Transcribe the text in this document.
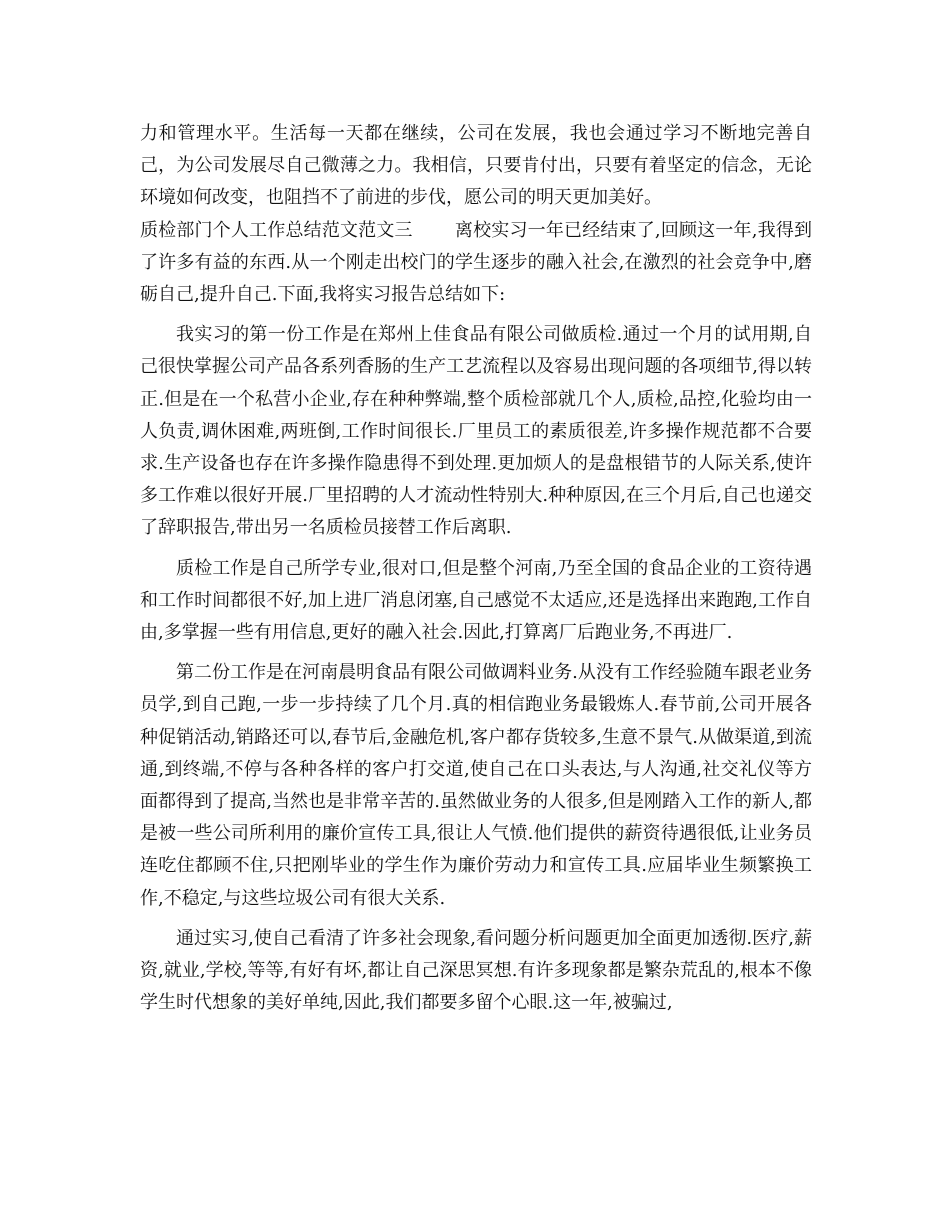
力和管理水平。生活每一天都在继续，公司在发展，我也会通过学习不断地完善自己，为公司发展尽自己微薄之力。我相信，只要肯付出，只要有着坚定的信念，无论环境如何改变，也阻挡不了前进的步伐，愿公司的明天更加美好。

质检部门个人工作总结范文范文三 离校实习一年已经结束了,回顾这一年,我得到了许多有益的东西.从一个刚走出校门的学生逐步的融入社会,在激烈的社会竞争中,磨砺自己,提升自己.下面,我将实习报告总结如下:

我实习的第一份工作是在郑州上佳食品有限公司做质检.通过一个月的试用期,自己很快掌握公司产品各系列香肠的生产工艺流程以及容易出现问题的各项细节,得以转正.但是在一个私营小企业,存在种种弊端,整个质检部就几个人,质检,品控,化验均由一人负责,调休困难,两班倒,工作时间很长.厂里员工的素质很差,许多操作规范都不合要求.生产设备也存在许多操作隐患得不到处理.更加烦人的是盘根错节的人际关系,使许多工作难以很好开展.厂里招聘的人才流动性特别大.种种原因,在三个月后,自己也递交了辞职报告,带出另一名质检员接替工作后离职.

质检工作是自己所学专业,很对口,但是整个河南,乃至全国的食品企业的工资待遇和工作时间都很不好,加上进厂消息闭塞,自己感觉不太适应,还是选择出来跑跑,工作自由,多掌握一些有用信息,更好的融入社会.因此,打算离厂后跑业务,不再进厂.

第二份工作是在河南晨明食品有限公司做调料业务.从没有工作经验随车跟老业务员学,到自己跑,一步一步持续了几个月.真的相信跑业务最锻炼人.春节前,公司开展各种促销活动,销路还可以,春节后,金融危机,客户都存货较多,生意不景气.从做渠道,到流通,到终端,不停与各种各样的客户打交道,使自己在口头表达,与人沟通,社交礼仪等方面都得到了提高,当然也是非常辛苦的.虽然做业务的人很多,但是刚踏入工作的新人,都是被一些公司所利用的廉价宣传工具,很让人气愤.他们提供的薪资待遇很低,让业务员连吃住都顾不住,只把刚毕业的学生作为廉价劳动力和宣传工具.应届毕业生频繁换工作,不稳定,与这些垃圾公司有很大关系.

通过实习,使自己看清了许多社会现象,看问题分析问题更加全面更加透彻.医疗,薪资,就业,学校,等等,有好有坏,都让自己深思冥想.有许多现象都是繁杂荒乱的,根本不像学生时代想象的美好单纯,因此,我们都要多留个心眼.这一年,被骗过,
